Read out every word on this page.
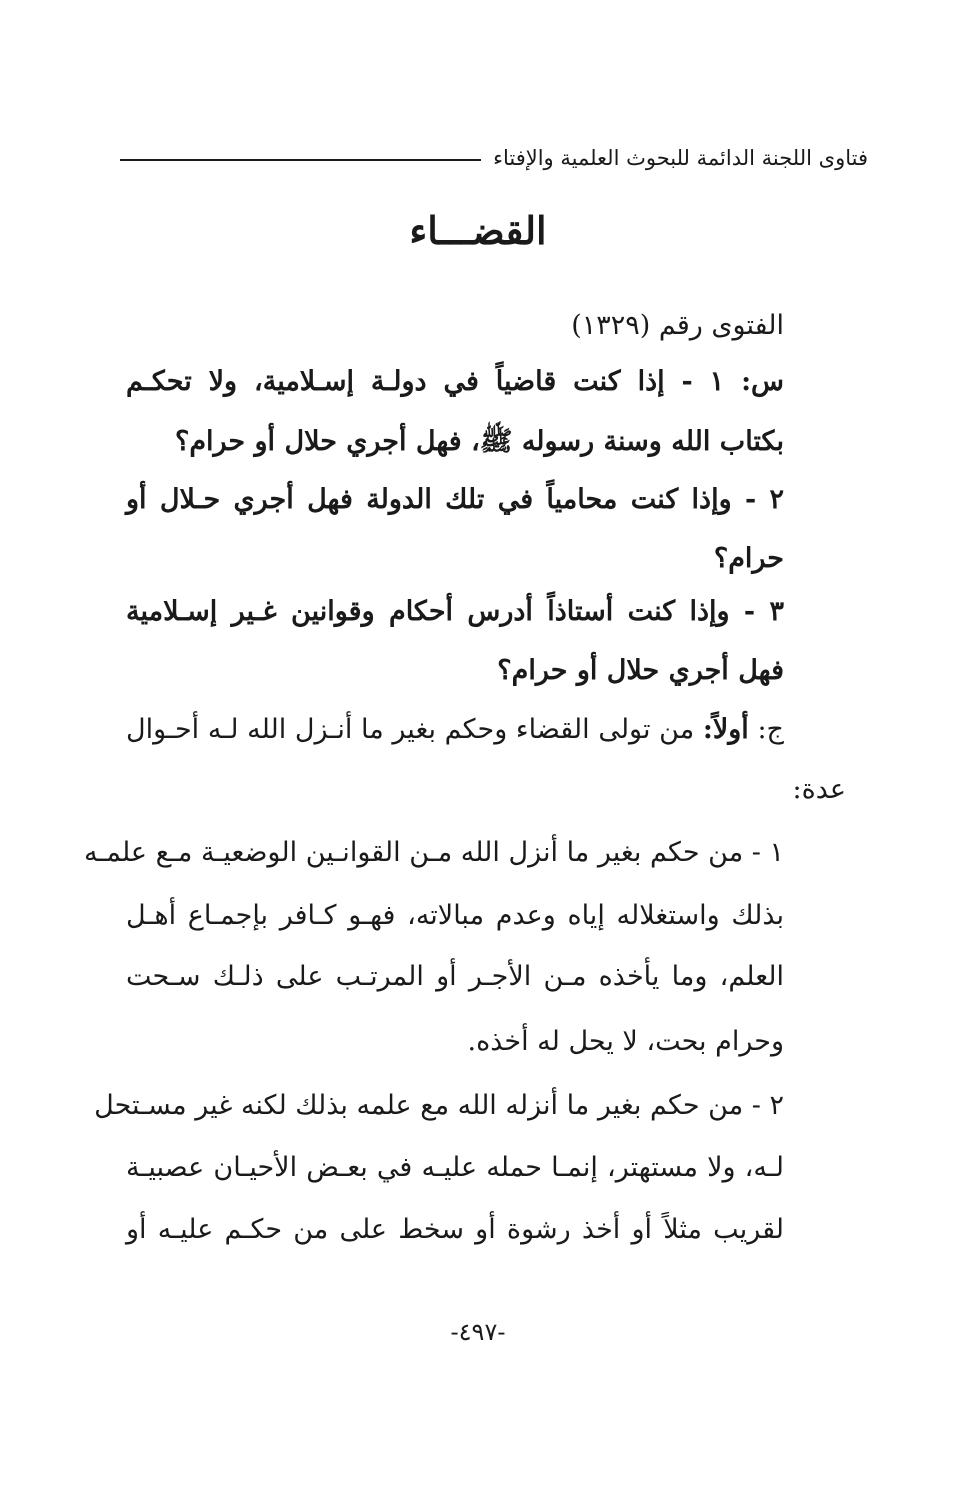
فتاوى اللجنة الدائمة للبحوث العلمية والإفتاء
القضـــاء
الفتوى رقم (١٣٢٩)
س: ١ - إذا كنت قاضياً في دولـة إسـلامية، ولا تحكـم
بكتاب الله وسنة رسوله ﷺ، فهل أجري حلال أو حرام؟
٢ - وإذا كنت محامياً في تلك الدولة فهل أجري حـلال أو
حرام؟
٣ - وإذا كنت أستاذاً أدرس أحكام وقوانين غـير إسـلامية
فهل أجري حلال أو حرام؟
ج: أولاً: من تولى القضاء وحكم بغير ما أنـزل الله لـه أحـوال
عدة:
١ - من حكم بغير ما أنزل الله مـن القوانـين الوضعيـة مـع علمـه
بذلك واستغلاله إياه وعدم مبالاته، فهـو كـافر بإجمـاع أهـل
العلم، وما يأخذه مـن الأجـر أو المرتـب على ذلـك سـحت
وحرام بحت، لا يحل له أخذه.
٢ - من حكم بغير ما أنزله الله مع علمه بذلك لكنه غير مسـتحل
لـه، ولا مستهتر، إنمـا حمله عليـه في بعـض الأحيـان عصبيـة
لقريب مثلاً أو أخذ رشوة أو سخط على من حكـم عليـه أو
-٤٩٧-
